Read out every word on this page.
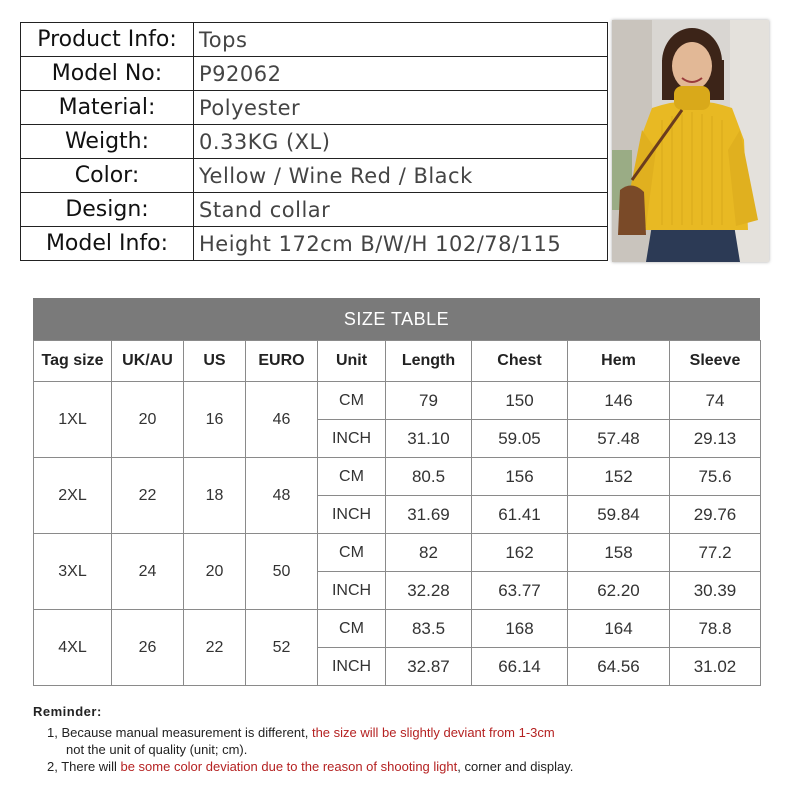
Product Info:	Tops
Model No:	P92062
Material:	Polyester
Weigth:	0.33KG (XL)
Color:	Yellow / Wine Red / Black
Design:	Stand collar
Model Info:	Height 172cm B/W/H 102/78/115
SIZE TABLE
Tag size	UK/AU	US	EURO	Unit	Length	Chest	Hem	Sleeve
1XL	20	16	46	CM	79	150	146	74
				INCH	31.10	59.05	57.48	29.13
2XL	22	18	48	CM	80.5	156	152	75.6
				INCH	31.69	61.41	59.84	29.76
3XL	24	20	50	CM	82	162	158	77.2
				INCH	32.28	63.77	62.20	30.39
4XL	26	22	52	CM	83.5	168	164	78.8
				INCH	32.87	66.14	64.56	31.02
Reminder:
1, Because manual measurement is different, the size will be slightly deviant from 1-3cm
not the unit of quality (unit; cm).
2, There will be some color deviation due to the reason of shooting light, corner and display.
